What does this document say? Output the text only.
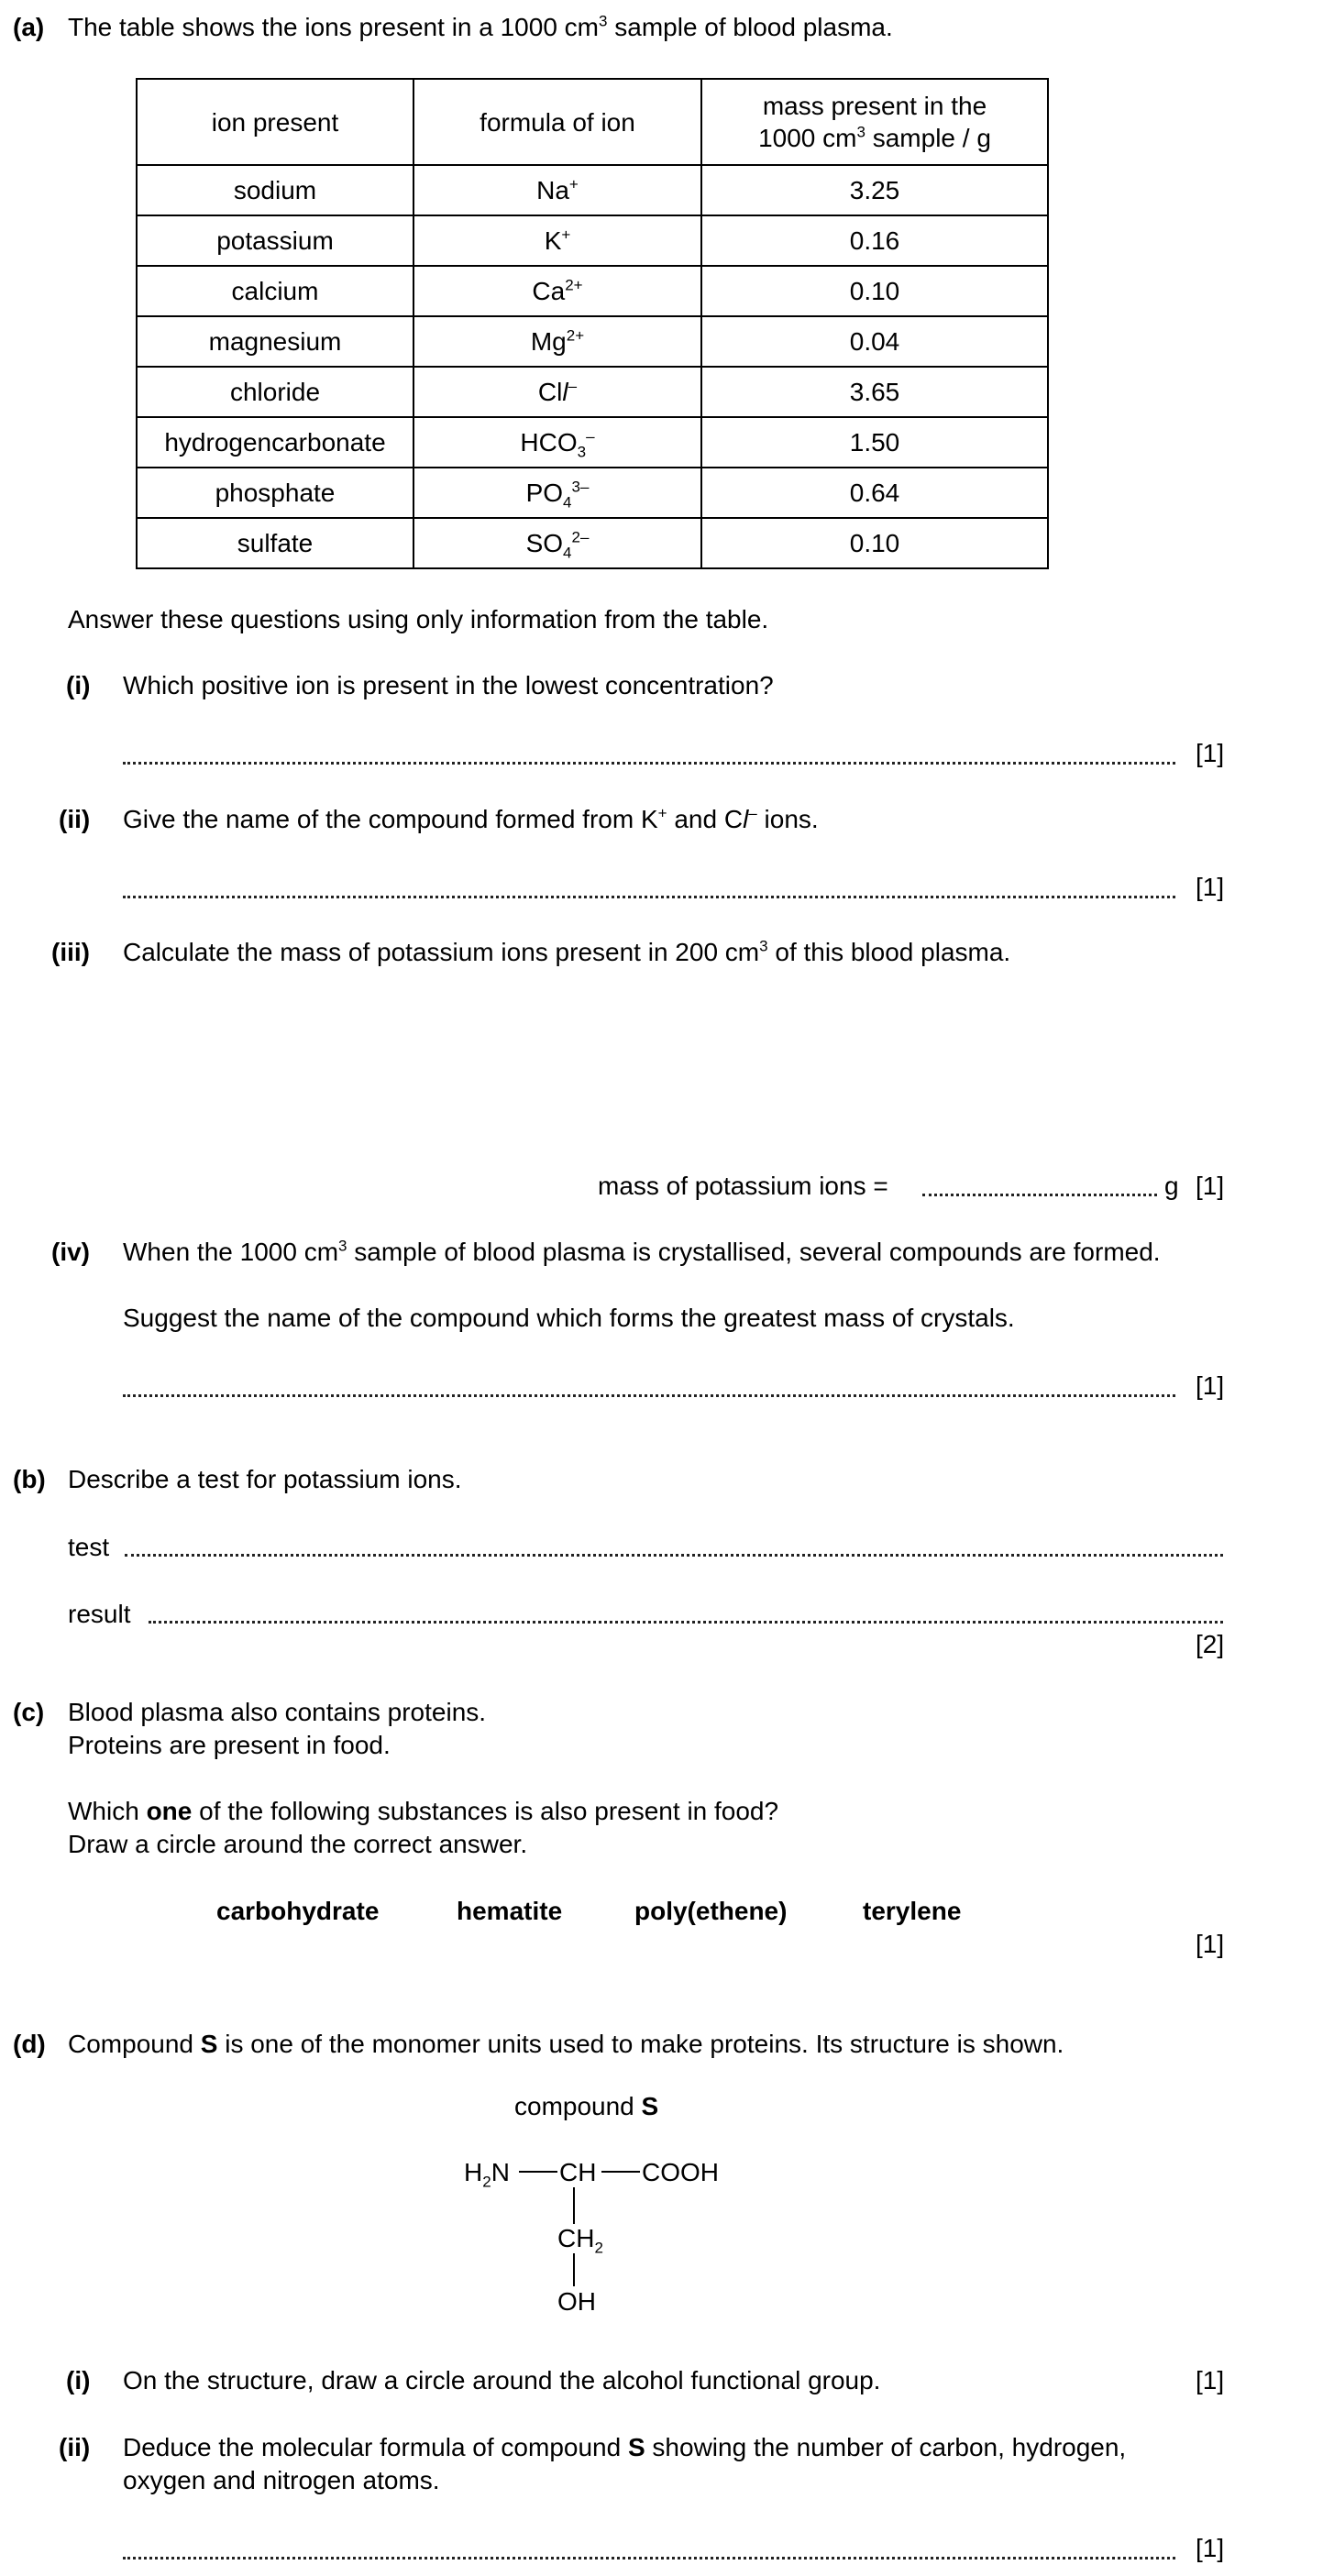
(a) The table shows the ions present in a 1000 $cm^3$ sample of blood plasma.
ion present	formula of ion	mass present in the
1000 $cm^3$ sample / g
sodium	Na+	3.25
potassium	K+	0.16
calcium	$Ca^{2+}$	0.10
magnesium	$Mg^{2+}$	0.04
chloride	Cll–	3.65
hydrogencarbonate	$HCO_3^-$	1.50
phosphate	$PO_4^{3-}$	0.64
sulfate	$SO_4^{2-}$	0.10
Answer these questions using only information from the table.
(i) Which positive ion is present in the lowest concentration?
[1]
(ii) Give the name of the compound formed from K+ and Cl– ions.
[1]
(iii) Calculate the mass of potassium ions present in 200 $cm^3$ of this blood plasma.
mass of potassium ions =	g [1]
(iv) When the 1000 $cm^3$ sample of blood plasma is crystallised, several compounds are formed.
Suggest the name of the compound which forms the greatest mass of crystals.
[1]
(b) Describe a test for potassium ions.
test
result
[2]
(c) Blood plasma also contains proteins.
Proteins are present in food.
Which one of the following substances is also present in food?
Draw a circle around the correct answer.
carbohydrate	hematite	poly(ethene)	terylene
[1]
(d) Compound S is one of the monomer units used to make proteins. Its structure is shown.
compound S
$H_2N$ CH COOH
$CH_2$
OH
(i) On the structure, draw a circle around the alcohol functional group.	[1]
(ii) Deduce the molecular formula of compound S showing the number of carbon, hydrogen,
oxygen and nitrogen atoms.
[1]
